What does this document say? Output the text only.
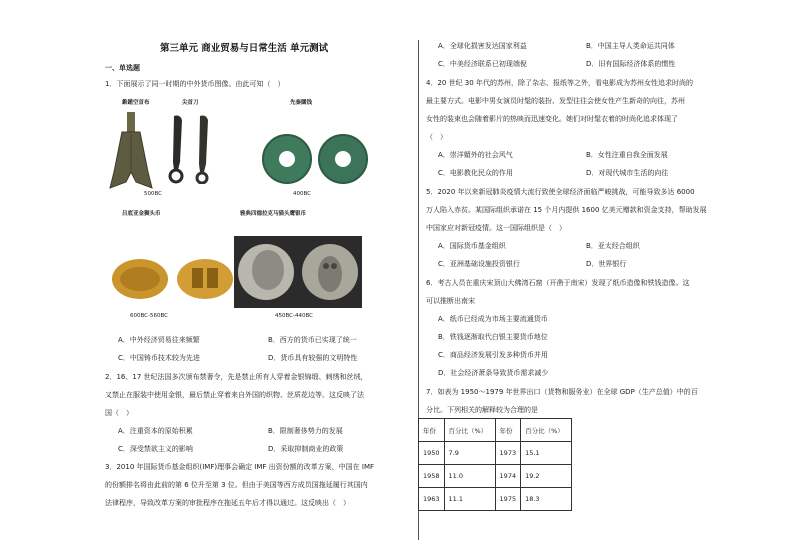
第三单元 商业贸易与日常生活 单元测试
一、单选题
1．下面展示了同一时期的中外货币图像。由此可知（　）
錐鍇空首布	尖首刀	先秦圜钱
500BC	400BC
吕底亚金狮头币	雅典四德拉克马猫头鹰银币
600BC-560BC	450BC-440BC
A．中外经济贸易往来频繁	B．西方的货币已实现了统一
C．中国铸币技术较为先进	D．货币具有较强的文明特性
2．16、17 世纪法国多次颁布禁奢令，先是禁止所有人穿着金银锦缎、刺绣和丝绒，
又禁止在服装中使用金银，最后禁止穿着来自外国的织物、丝质花边等。这反映了法
国（　）
A．注重资本的原始积累	B．限制奢侈势力的发展
C．深受禁欲主义的影响	D．采取抑制商业的政策
3．2010 年国际货币基金组织(IMF)理事会确定 IMF 出资份额的改革方案，中国在 IMF
的份额排名将由此前的第 6 位升至第 3 位。但由于美国等西方成员国拖延履行其国内
法律程序，导致改革方案的审批程序在拖延五年后才得以通过。这反映出（　）
A．全球化损害发达国家利益	B．中国主导人类命运共同体
C．中美经济联系已初现端倪	D．旧有国际经济体系的惯性
4．20 世纪 30 年代的苏州，除了杂志、报纸等之外，看电影成为苏州女性追求时尚的
最主要方式。电影中男女演员时髦的装扮、发型往往会使女性产生新奇的向往，苏州
女性的装束也会随着影片的热映而迅速变化。她们对时髦衣着的时尚化追求体现了
（　）
A．崇洋媚外的社会风气	B．女性注重自我全面发展
C．电影教化民众的作用	D．对现代城市生活的向往
5．2020 年以来新冠肺炎疫情大流行致使全球经济面临严峻挑战，可能导致多达 6000
万人陷入赤贫。某国际组织承诺在 15 个月内提供 1600 亿美元赠款和资金支持，帮助发展
中国家应对新冠疫情。这一国际组织是（　）
A．国际货币基金组织	B．亚太经合组织
C．亚洲基础设施投资银行	D．世界银行
6．考古人员在重庆宋顶山大佛湾石窟（开凿于南宋）发现了纸币造像和铁钱造像。这
可以推断出南宋
A．纸币已经成为市场主要流通货币
B．铁钱逐渐取代白银主要货币地位
C．商品经济发展引发多种货币并用
D．社会经济萧条导致货币需求减少
7．如表为 1950～1979 年世界出口（货物和服务业）在全球 GDP（生产总值）中的百
分比。下列相关的解释较为合理的是
年份	百分比（%）	年份	百分比（%）
1950	7.9	1973	15.1
1958	11.0	1974	19.2
1963	11.1	1975	18.3
